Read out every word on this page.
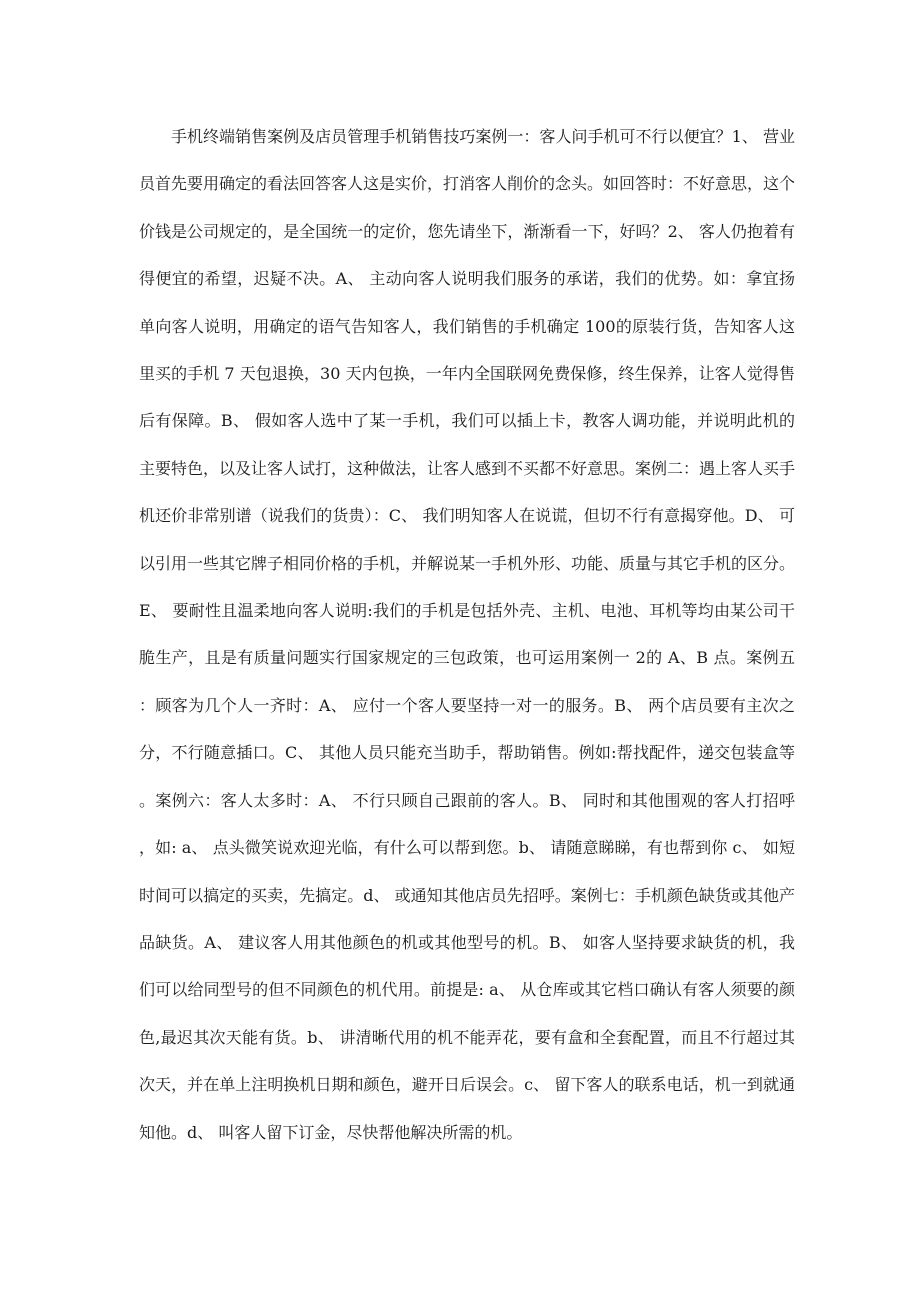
手机终端销售案例及店员管理手机销售技巧案例一：客人问手机可不行以便宜？1、 营业员首先要用确定的看法回答客人这是实价，打消客人削价的念头。如回答时：不好意思，这个价钱是公司规定的，是全国统一的定价，您先请坐下，渐渐看一下，好吗？2、 客人仍抱着有得便宜的希望，迟疑不决。A、 主动向客人说明我们服务的承诺，我们的优势。如：拿宜扬单向客人说明，用确定的语气告知客人，我们销售的手机确定 100的原装行货，告知客人这里买的手机 7 天包退换，30 天内包换，一年内全国联网免费保修，终生保养，让客人觉得售后有保障。B、 假如客人选中了某一手机，我们可以插上卡，教客人调功能，并说明此机的主要特色，以及让客人试打，这种做法，让客人感到不买都不好意思。案例二：遇上客人买手机还价非常别谱（说我们的货贵）：C、 我们明知客人在说谎，但切不行有意揭穿他。D、 可以引用一些其它牌子相同价格的手机，并解说某一手机外形、功能、质量与其它手机的区分。E、 要耐性且温柔地向客人说明:我们的手机是包括外壳、主机、电池、耳机等均由某公司干脆生产，且是有质量问题实行国家规定的三包政策，也可运用案例一 2的 A、B 点。案例五：顾客为几个人一齐时：A、 应付一个客人要坚持一对一的服务。B、 两个店员要有主次之分，不行随意插口。C、 其他人员只能充当助手，帮助销售。例如:帮找配件，递交包装盒等。案例六：客人太多时：A、 不行只顾自己跟前的客人。B、 同时和其他围观的客人打招呼，如: a、 点头微笑说欢迎光临，有什么可以帮到您。b、 请随意睇睇，有也帮到你 c、 如短时间可以搞定的买卖，先搞定。d、 或通知其他店员先招呼。案例七：手机颜色缺货或其他产品缺货。A、 建议客人用其他颜色的机或其他型号的机。B、 如客人坚持要求缺货的机，我们可以给同型号的但不同颜色的机代用。前提是: a、 从仓库或其它档口确认有客人须要的颜色,最迟其次天能有货。b、 讲清晰代用的机不能弄花，要有盒和全套配置，而且不行超过其次天，并在单上注明换机日期和颜色，避开日后误会。c、 留下客人的联系电话，机一到就通知他。d、 叫客人留下订金，尽快帮他解决所需的机。
